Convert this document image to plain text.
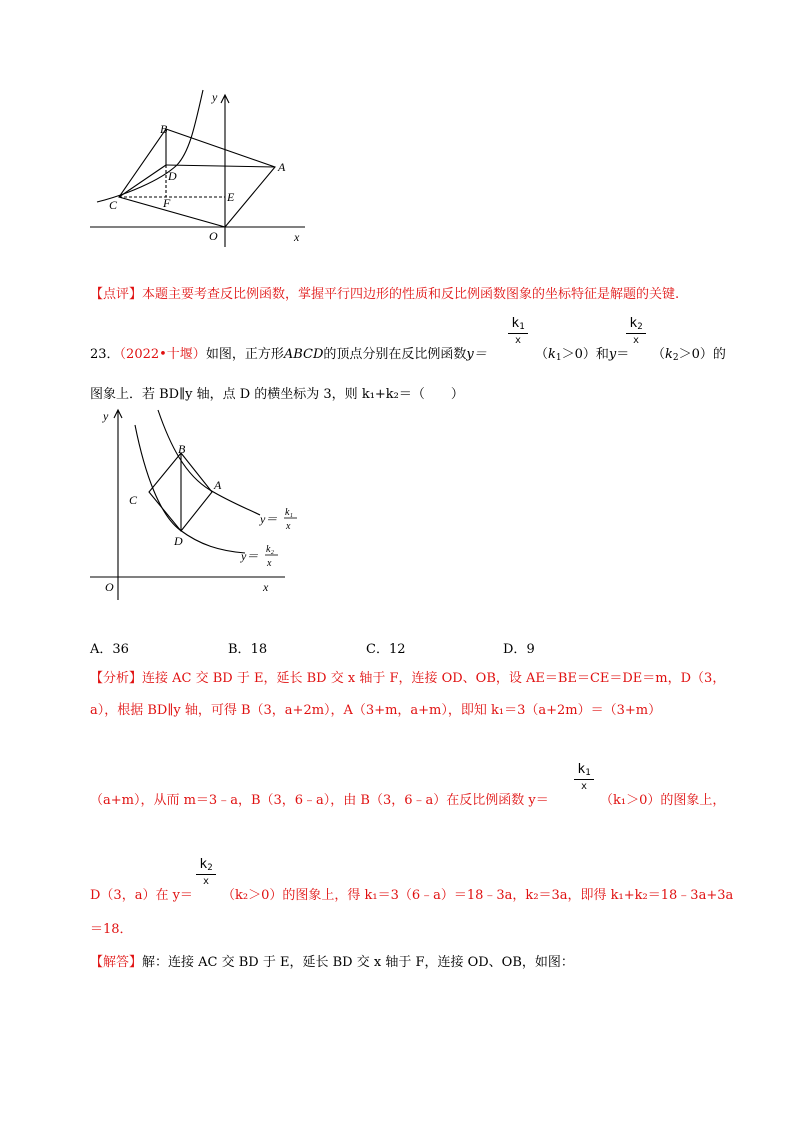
y
B
D
A
C
E
F
O	x
【点评】本题主要考查反比例函数，掌握平行四边形的性质和反比例函数图象的坐标特征是解题的关键.
23．（2022•十堰）如图，正方形ABCD的顶点分别在反比例函数y＝
$k_1$
x
$(k_1>0)$和y＝
$k_2$
x
$(k_2>0)$的
图象上．若 BD∥y 轴，点 D 的横坐标为 3，则 k₁+k₂＝（　　）
y
B
C
A
D
O	x
y＝ k₁
x
y＝ k₂
x
A．36	B．18	C．12	D．9
【分析】连接 AC 交 BD 于 E，延长 BD 交 x 轴于 F，连接 OD、OB，设 AE＝BE＝CE＝DE＝m，D（3，
a），根据 BD∥y 轴，可得 B（3，a+2m），A（3+m，a+m），即知 k₁＝3（a+2m）＝（3+m）
（a+m），从而 m＝3﹣a，B（3，6﹣a），由 B（3，6﹣a）在反比例函数 y＝
$k_1$
x
（k₁＞0）的图象上，
D（3，a）在 y＝
$k_2$
x
（k₂＞0）的图象上，得 k₁＝3（6﹣a）＝18﹣3a，k₂＝3a，即得 k₁+k₂＝18﹣3a+3a
＝18．
【解答】解：连接 AC 交 BD 于 E，延长 BD 交 x 轴于 F，连接 OD、OB，如图：
